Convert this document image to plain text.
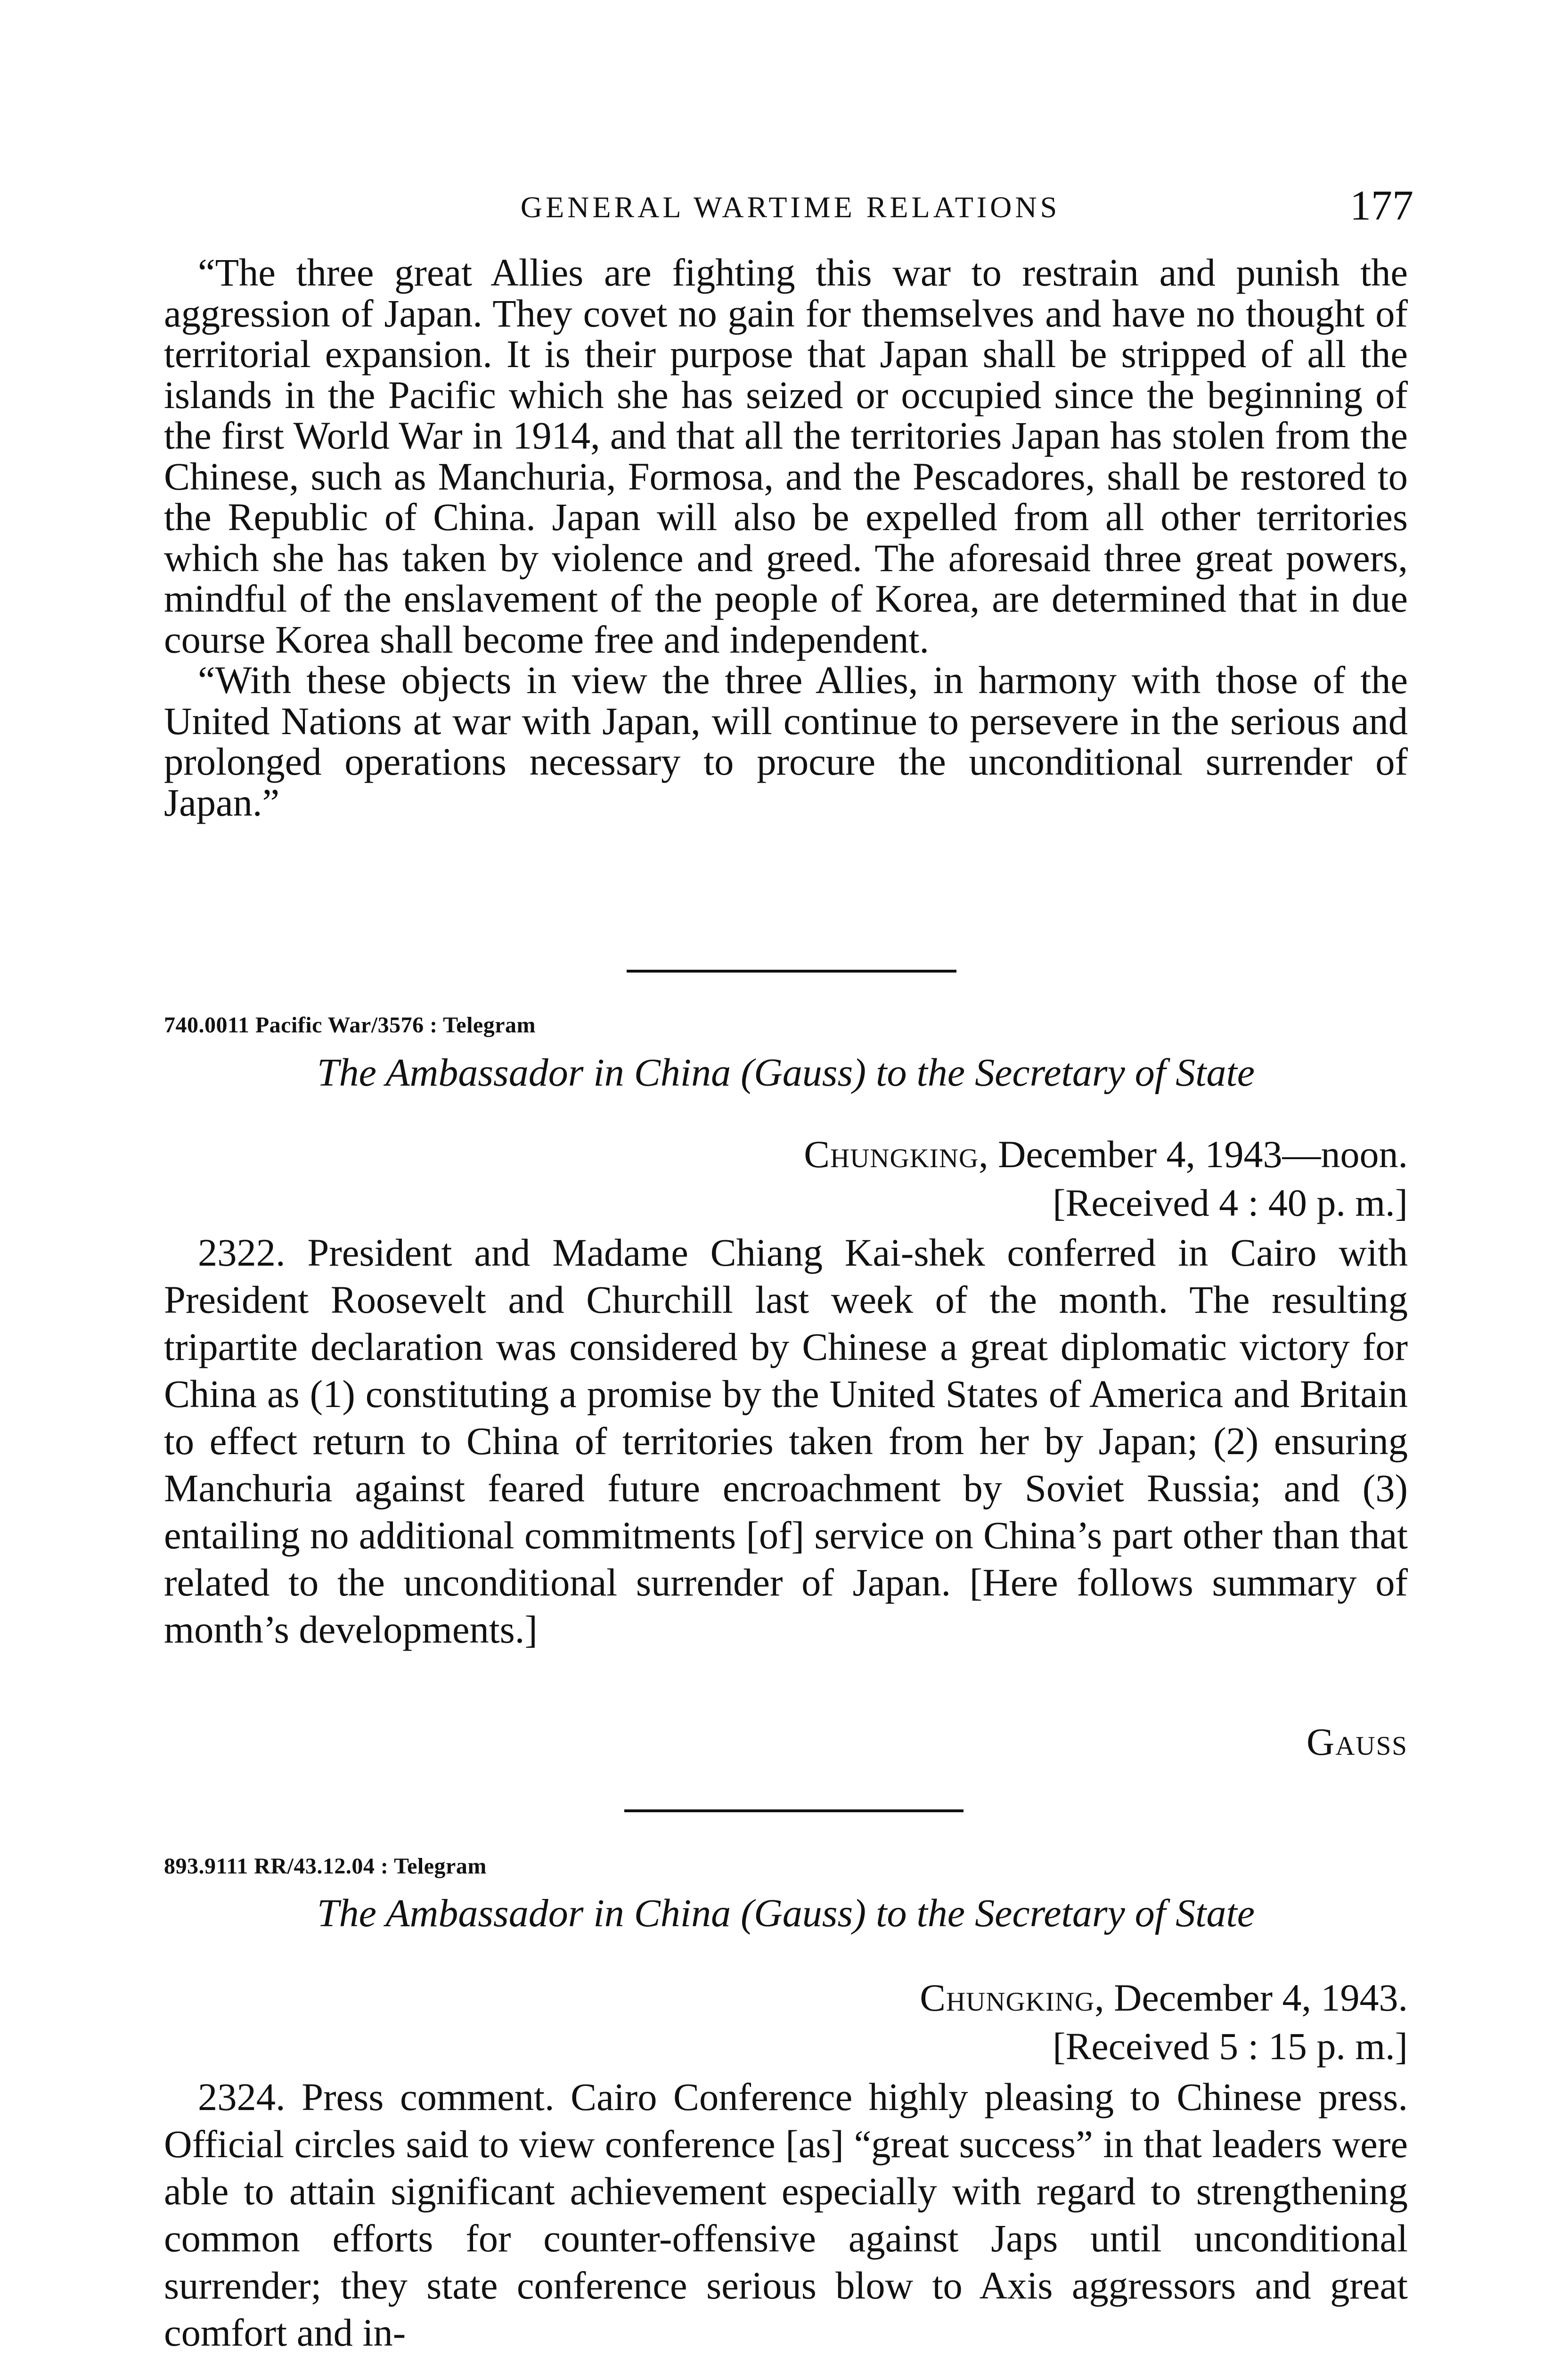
GENERAL WARTIME RELATIONS	177

“The three great Allies are fighting this war to restrain and punish the aggression of Japan. They covet no gain for themselves and have no thought of territorial expansion. It is their purpose that Japan shall be stripped of all the islands in the Pacific which she has seized or occupied since the beginning of the first World War in 1914, and that all the territories Japan has stolen from the Chinese, such as Manchuria, Formosa, and the Pescadores, shall be restored to the Republic of China. Japan will also be expelled from all other territories which she has taken by violence and greed. The aforesaid three great powers, mindful of the enslavement of the people of Korea, are determined that in due course Korea shall become free and independent.

“With these objects in view the three Allies, in harmony with those of the United Nations at war with Japan, will continue to persevere in the serious and prolonged operations necessary to procure the unconditional surrender of Japan.”

740.0011 Pacific War/3576 : Telegram
The Ambassador in China (Gauss) to the Secretary of State
Chungking, December 4, 1943—noon.
[Received 4 : 40 p. m.]

2322. President and Madame Chiang Kai-shek conferred in Cairo with President Roosevelt and Churchill last week of the month. The resulting tripartite declaration was considered by Chinese a great diplomatic victory for China as (1) constituting a promise by the United States of America and Britain to effect return to China of territories taken from her by Japan; (2) ensuring Manchuria against feared future encroachment by Soviet Russia; and (3) entailing no additional commitments [of] service on China’s part other than that related to the unconditional surrender of Japan. [Here follows summary of month’s developments.]

Gauss
893.9111 RR/43.12.04 : Telegram
The Ambassador in China (Gauss) to the Secretary of State
Chungking, December 4, 1943.
[Received 5 : 15 p. m.]

2324. Press comment. Cairo Conference highly pleasing to Chinese press. Official circles said to view conference [as] “great success” in that leaders were able to attain significant achievement especially with regard to strengthening common efforts for counter-offensive against Japs until unconditional surrender; they state conference serious blow to Axis aggressors and great comfort and in-
